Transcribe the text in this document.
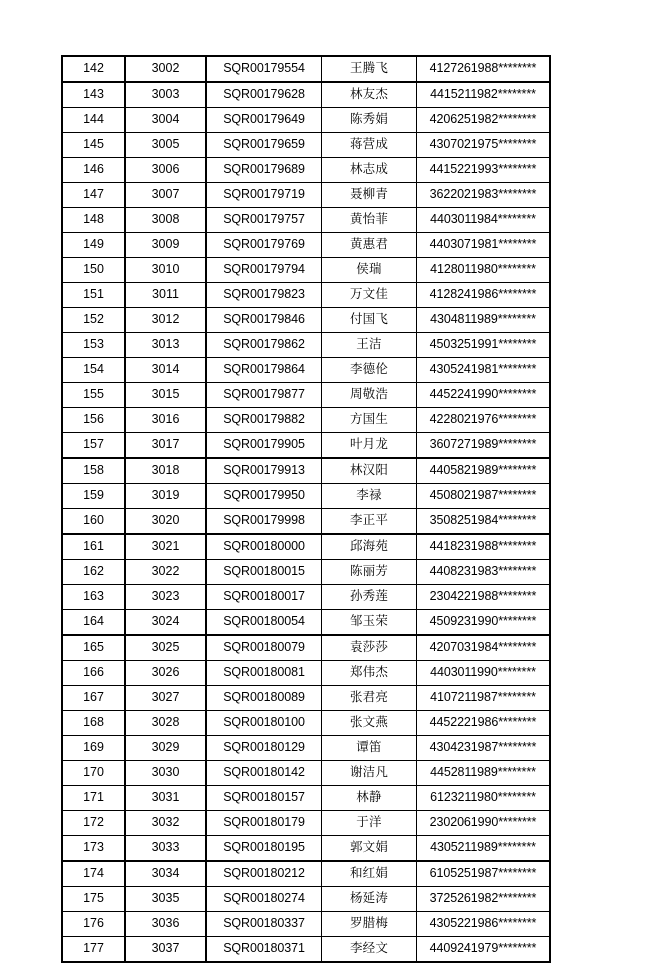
142	3002	SQR00179554	王腾飞	4127261988********
143	3003	SQR00179628	林友杰	4415211982********
144	3004	SQR00179649	陈秀娟	4206251982********
145	3005	SQR00179659	蒋营成	4307021975********
146	3006	SQR00179689	林志成	4415221993********
147	3007	SQR00179719	聂柳青	3622021983********
148	3008	SQR00179757	黄怡菲	4403011984********
149	3009	SQR00179769	黄惠君	4403071981********
150	3010	SQR00179794	侯瑞	4128011980********
151	3011	SQR00179823	万文佳	4128241986********
152	3012	SQR00179846	付国飞	4304811989********
153	3013	SQR00179862	王洁	4503251991********
154	3014	SQR00179864	李德伦	4305241981********
155	3015	SQR00179877	周敬浩	4452241990********
156	3016	SQR00179882	方国生	4228021976********
157	3017	SQR00179905	叶月龙	3607271989********
158	3018	SQR00179913	林汉阳	4405821989********
159	3019	SQR00179950	李禄	4508021987********
160	3020	SQR00179998	李正平	3508251984********
161	3021	SQR00180000	邱海苑	4418231988********
162	3022	SQR00180015	陈丽芳	4408231983********
163	3023	SQR00180017	孙秀莲	2304221988********
164	3024	SQR00180054	邹玉荣	4509231990********
165	3025	SQR00180079	袁莎莎	4207031984********
166	3026	SQR00180081	郑伟杰	4403011990********
167	3027	SQR00180089	张君亮	4107211987********
168	3028	SQR00180100	张文燕	4452221986********
169	3029	SQR00180129	谭笛	4304231987********
170	3030	SQR00180142	谢洁凡	4452811989********
171	3031	SQR00180157	林静	6123211980********
172	3032	SQR00180179	于洋	2302061990********
173	3033	SQR00180195	郭文娟	4305211989********
174	3034	SQR00180212	和红娟	6105251987********
175	3035	SQR00180274	杨延涛	3725261982********
176	3036	SQR00180337	罗腊梅	4305221986********
177	3037	SQR00180371	李经文	4409241979********
